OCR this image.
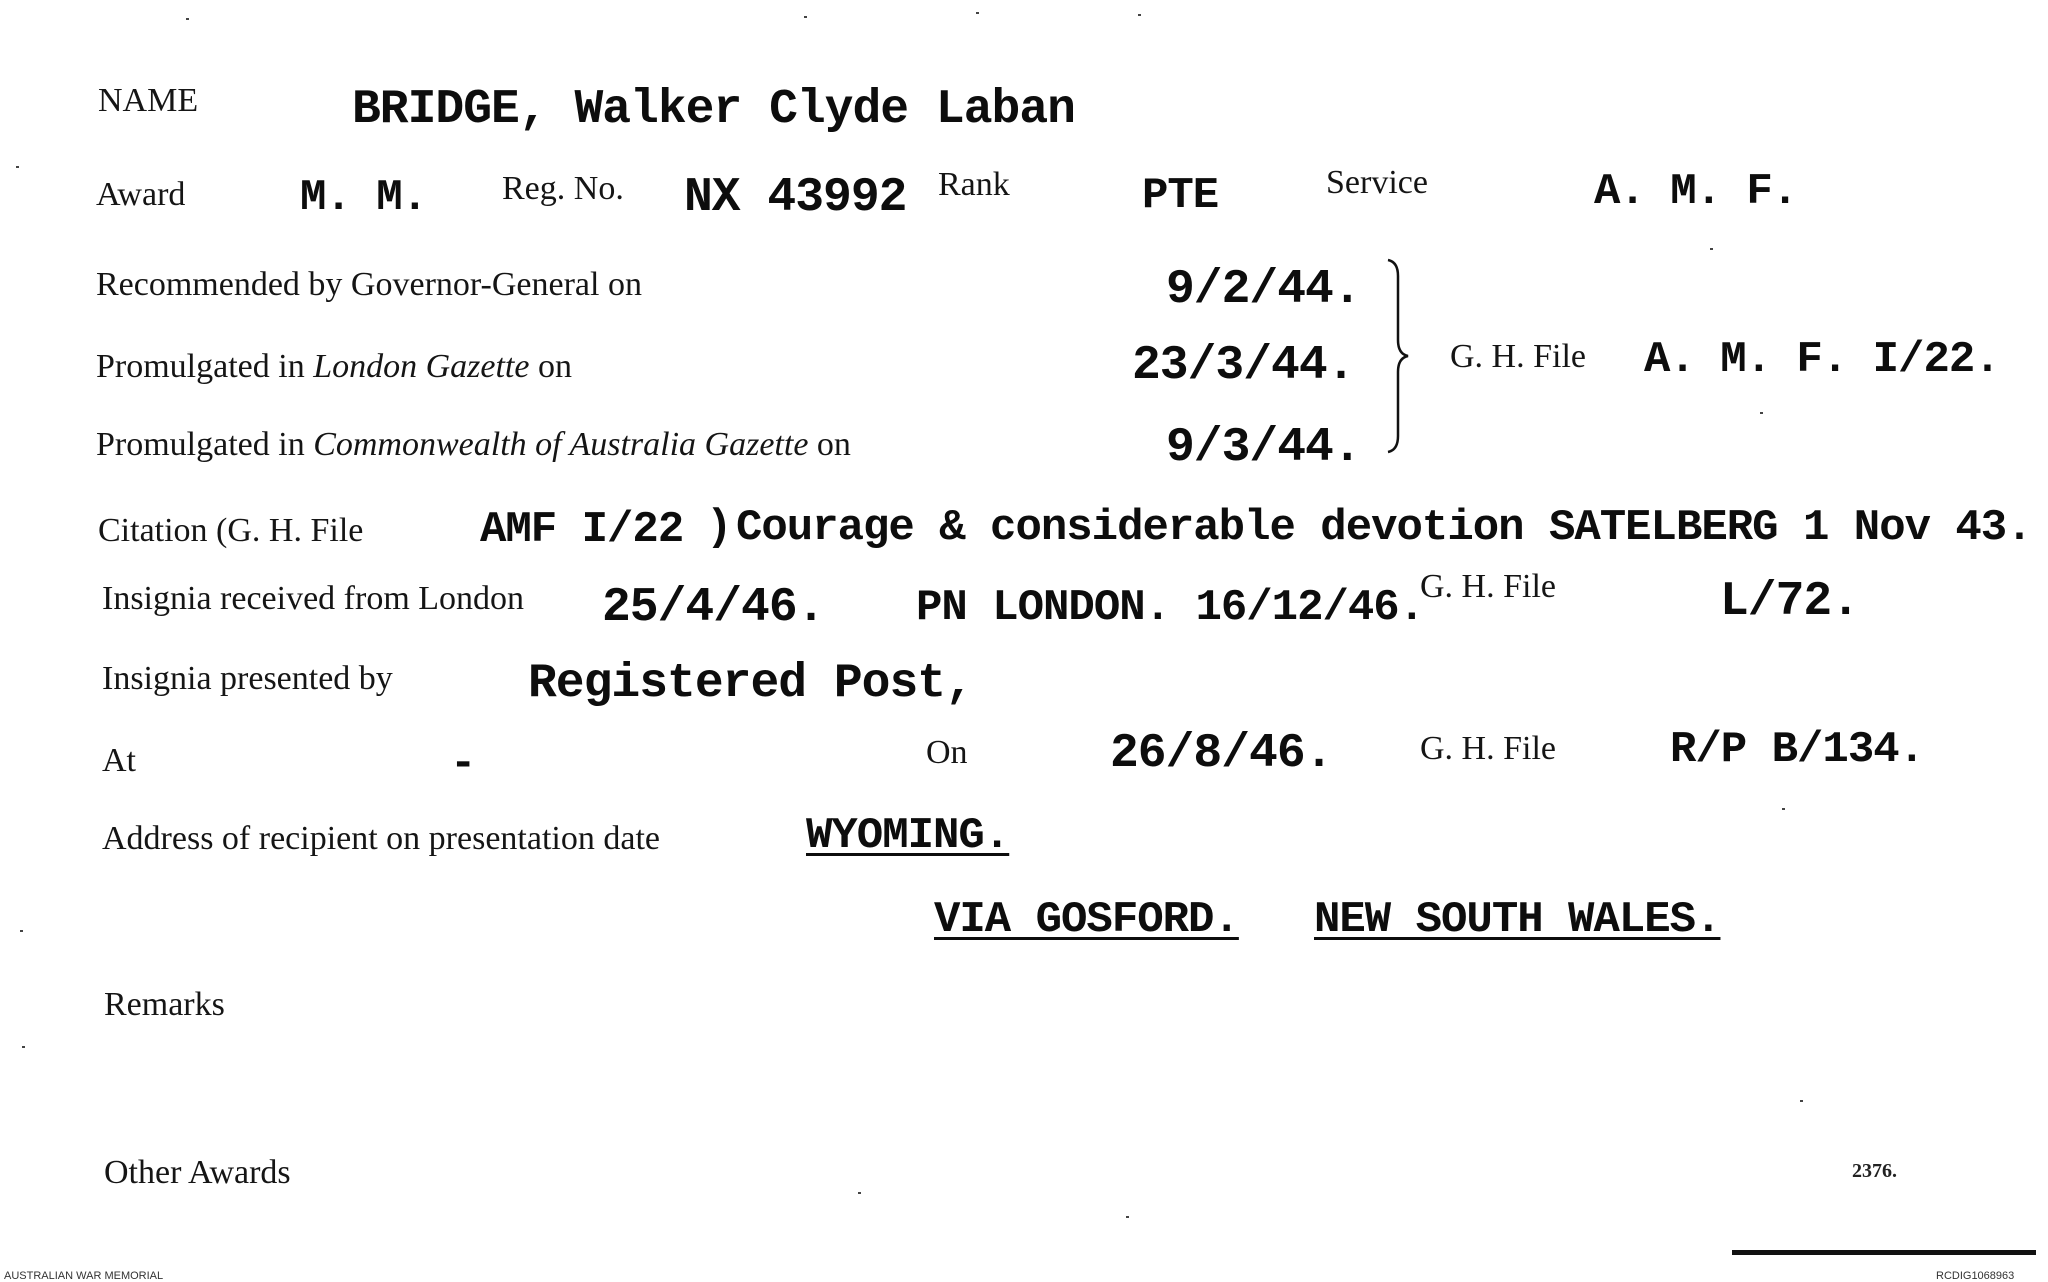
NAME	BRIDGE, Walker Clyde Laban
Award	M. M. Reg. No. NX 43992 Rank	PTE	Service	A. M. F.
Recommended by Governor-General on	9/2/44.
Promulgated in London Gazette on	23/3/44.
Promulgated in Commonwealth of Australia Gazette on	9/3/44.
G. H. File A. M. F. I/22.
Citation (G. H. File	AMF I/22 ) Courage & considerable devotion SATELBERG 1 Nov 43.
Insignia received from London 25/4/46. PN LONDON. 16/12/46.
G. H. File	L/72.
Insignia presented by	Registered Post,
At	-	On	26/8/46.	G. H. File	R/P B/134.
Address of recipient on presentation date	WYOMING.
VIA GOSFORD. NEW SOUTH WALES.
Remarks
Other Awards	2376.
AUSTRALIAN WAR MEMORIAL	RCDIG1068963
